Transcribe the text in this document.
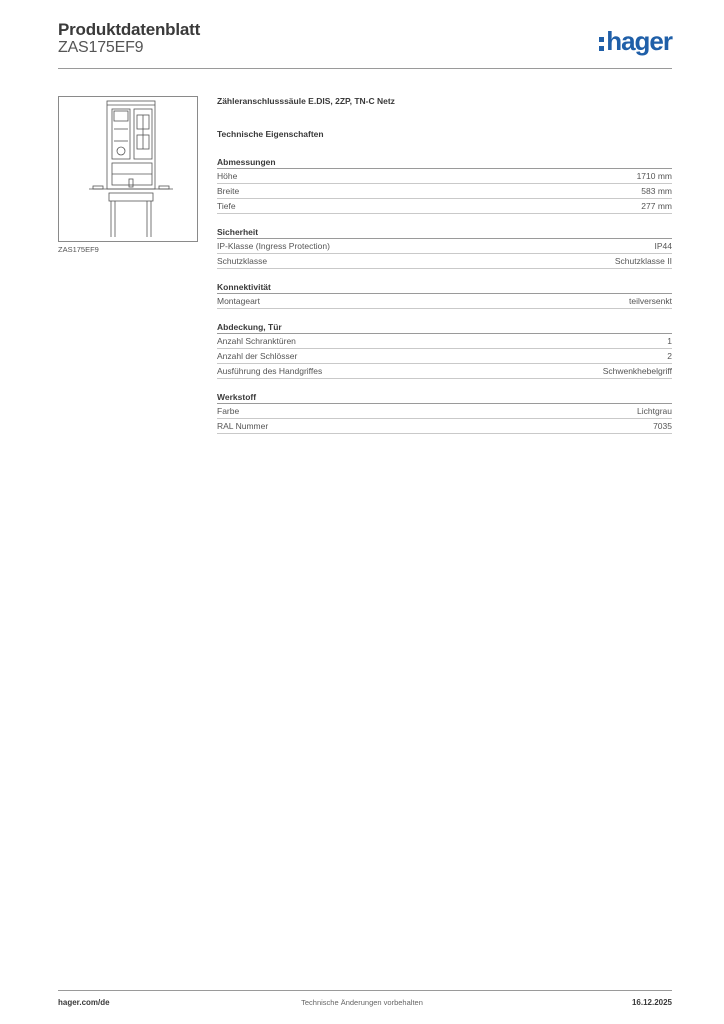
Produktdatenblatt
ZAS175EF9	hager
ZAS175EF9
Zähleranschlusssäule E.DIS, 2ZP, TN-C Netz
Technische Eigenschaften
Abmessungen
Höhe	1710 mm
Breite	583 mm
Tiefe	277 mm
Sicherheit
IP-Klasse (Ingress Protection)	IP44
Schutzklasse	Schutzklasse II
Konnektivität
Montageart	teilversenkt
Abdeckung, Tür
Anzahl Schranktüren	1
Anzahl der Schlösser	2
Ausführung des Handgriffes	Schwenkhebelgriff
Werkstoff
Farbe	Lichtgrau
RAL Nummer	7035
hager.com/de	Technische Änderungen vorbehalten	16.12.2025
